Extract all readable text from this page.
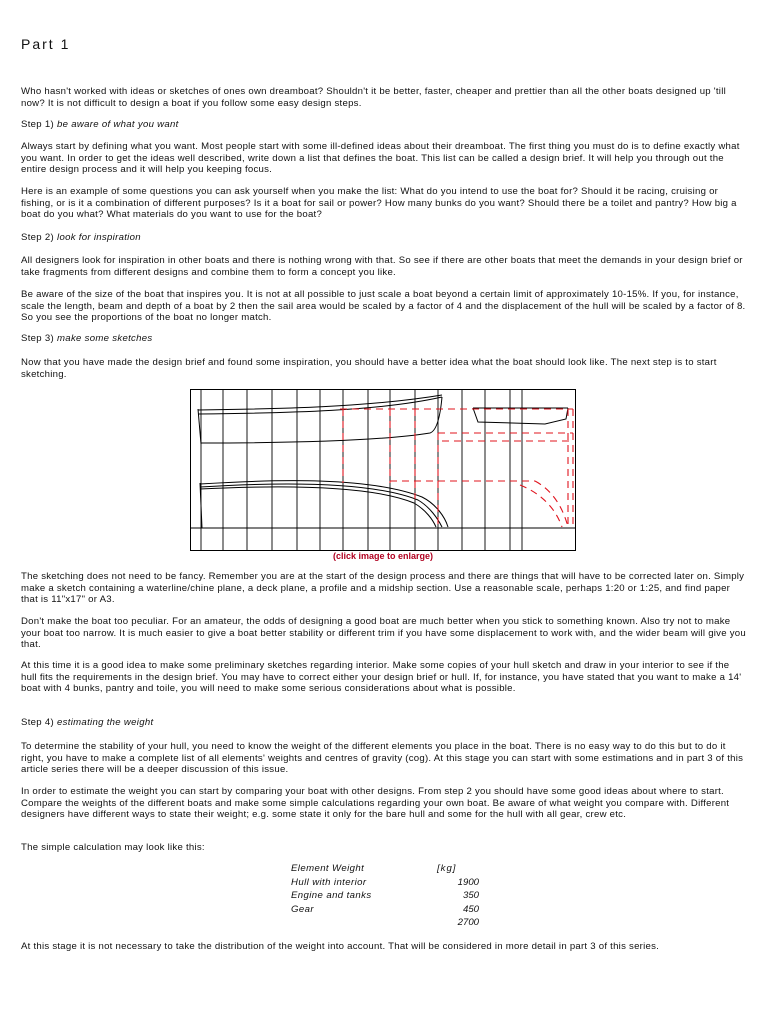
Part 1

Who hasn't worked with ideas or sketches of ones own dreamboat? Shouldn't it be better, faster, cheaper and prettier than all the other boats designed up 'till now? It is not difficult to design a boat if you follow some easy design steps.

Step 1) be aware of what you want

Always start by defining what you want. Most people start with some ill-defined ideas about their dreamboat. The first thing you must do is to define exactly what you want. In order to get the ideas well described, write down a list that defines the boat. This list can be called a design brief. It will help you through out the entire design process and it will help you keeping focus.

Here is an example of some questions you can ask yourself when you make the list: What do you intend to use the boat for? Should it be racing, cruising or fishing, or is it a combination of different purposes? Is it a boat for sail or power? How many bunks do you want? Should there be a toilet and pantry? How big a boat do you what? What materials do you want to use for the boat?

Step 2) look for inspiration

All designers look for inspiration in other boats and there is nothing wrong with that. So see if there are other boats that meet the demands in your design brief or take fragments from different designs and combine them to form a concept you like.

Be aware of the size of the boat that inspires you. It is not at all possible to just scale a boat beyond a certain limit of approximately 10-15%. If you, for instance, scale the length, beam and depth of a boat by 2 then the sail area would be scaled by a factor of 4 and the displacement of the hull will be scaled by a factor of 8. So you see the proportions of the boat no longer match.

Step 3) make some sketches

Now that you have made the design brief and found some inspiration, you should have a better idea what the boat should look like. The next step is to start sketching.

(click image to enlarge)

The sketching does not need to be fancy. Remember you are at the start of the design process and there are things that will have to be corrected later on. Simply make a sketch containing a waterline/chine plane, a deck plane, a profile and a midship section. Use a reasonable scale, perhaps 1:20 or 1:25, and find paper that is 11"x17" or A3.

Don't make the boat too peculiar. For an amateur, the odds of designing a good boat are much better when you stick to something known. Also try not to make your boat too narrow. It is much easier to give a boat better stability or different trim if you have some displacement to work with, and the wider beam will give you that.

At this time it is a good idea to make some preliminary sketches regarding interior. Make some copies of your hull sketch and draw in your interior to see if the hull fits the requirements in the design brief. You may have to correct either your design brief or hull. If, for instance, you have stated that you want to make a 14' boat with 4 bunks, pantry and toile, you will need to make some serious considerations about what is possible.

Step 4) estimating the weight

To determine the stability of your hull, you need to know the weight of the different elements you place in the boat. There is no easy way to do this but to do it right, you have to make a complete list of all elements' weights and centres of gravity (cog). At this stage you can start with some estimations and in part 3 of this article series there will be a deeper discussion of this issue.

In order to estimate the weight you can start by comparing your boat with other designs. From step 2 you should have some good ideas about where to start. Compare the weights of the different boats and make some simple calculations regarding your own boat. Be aware of what weight you compare with. Different designers have different ways to state their weight; e.g. some state it only for the bare hull and some for the hull with all gear, crew etc.

The simple calculation may look like this:

Element Weight	[kg]
Hull with interior	1900
Engine and tanks	350
Gear	450
	2700

At this stage it is not necessary to take the distribution of the weight into account. That will be considered in more detail in part 3 of this series.
